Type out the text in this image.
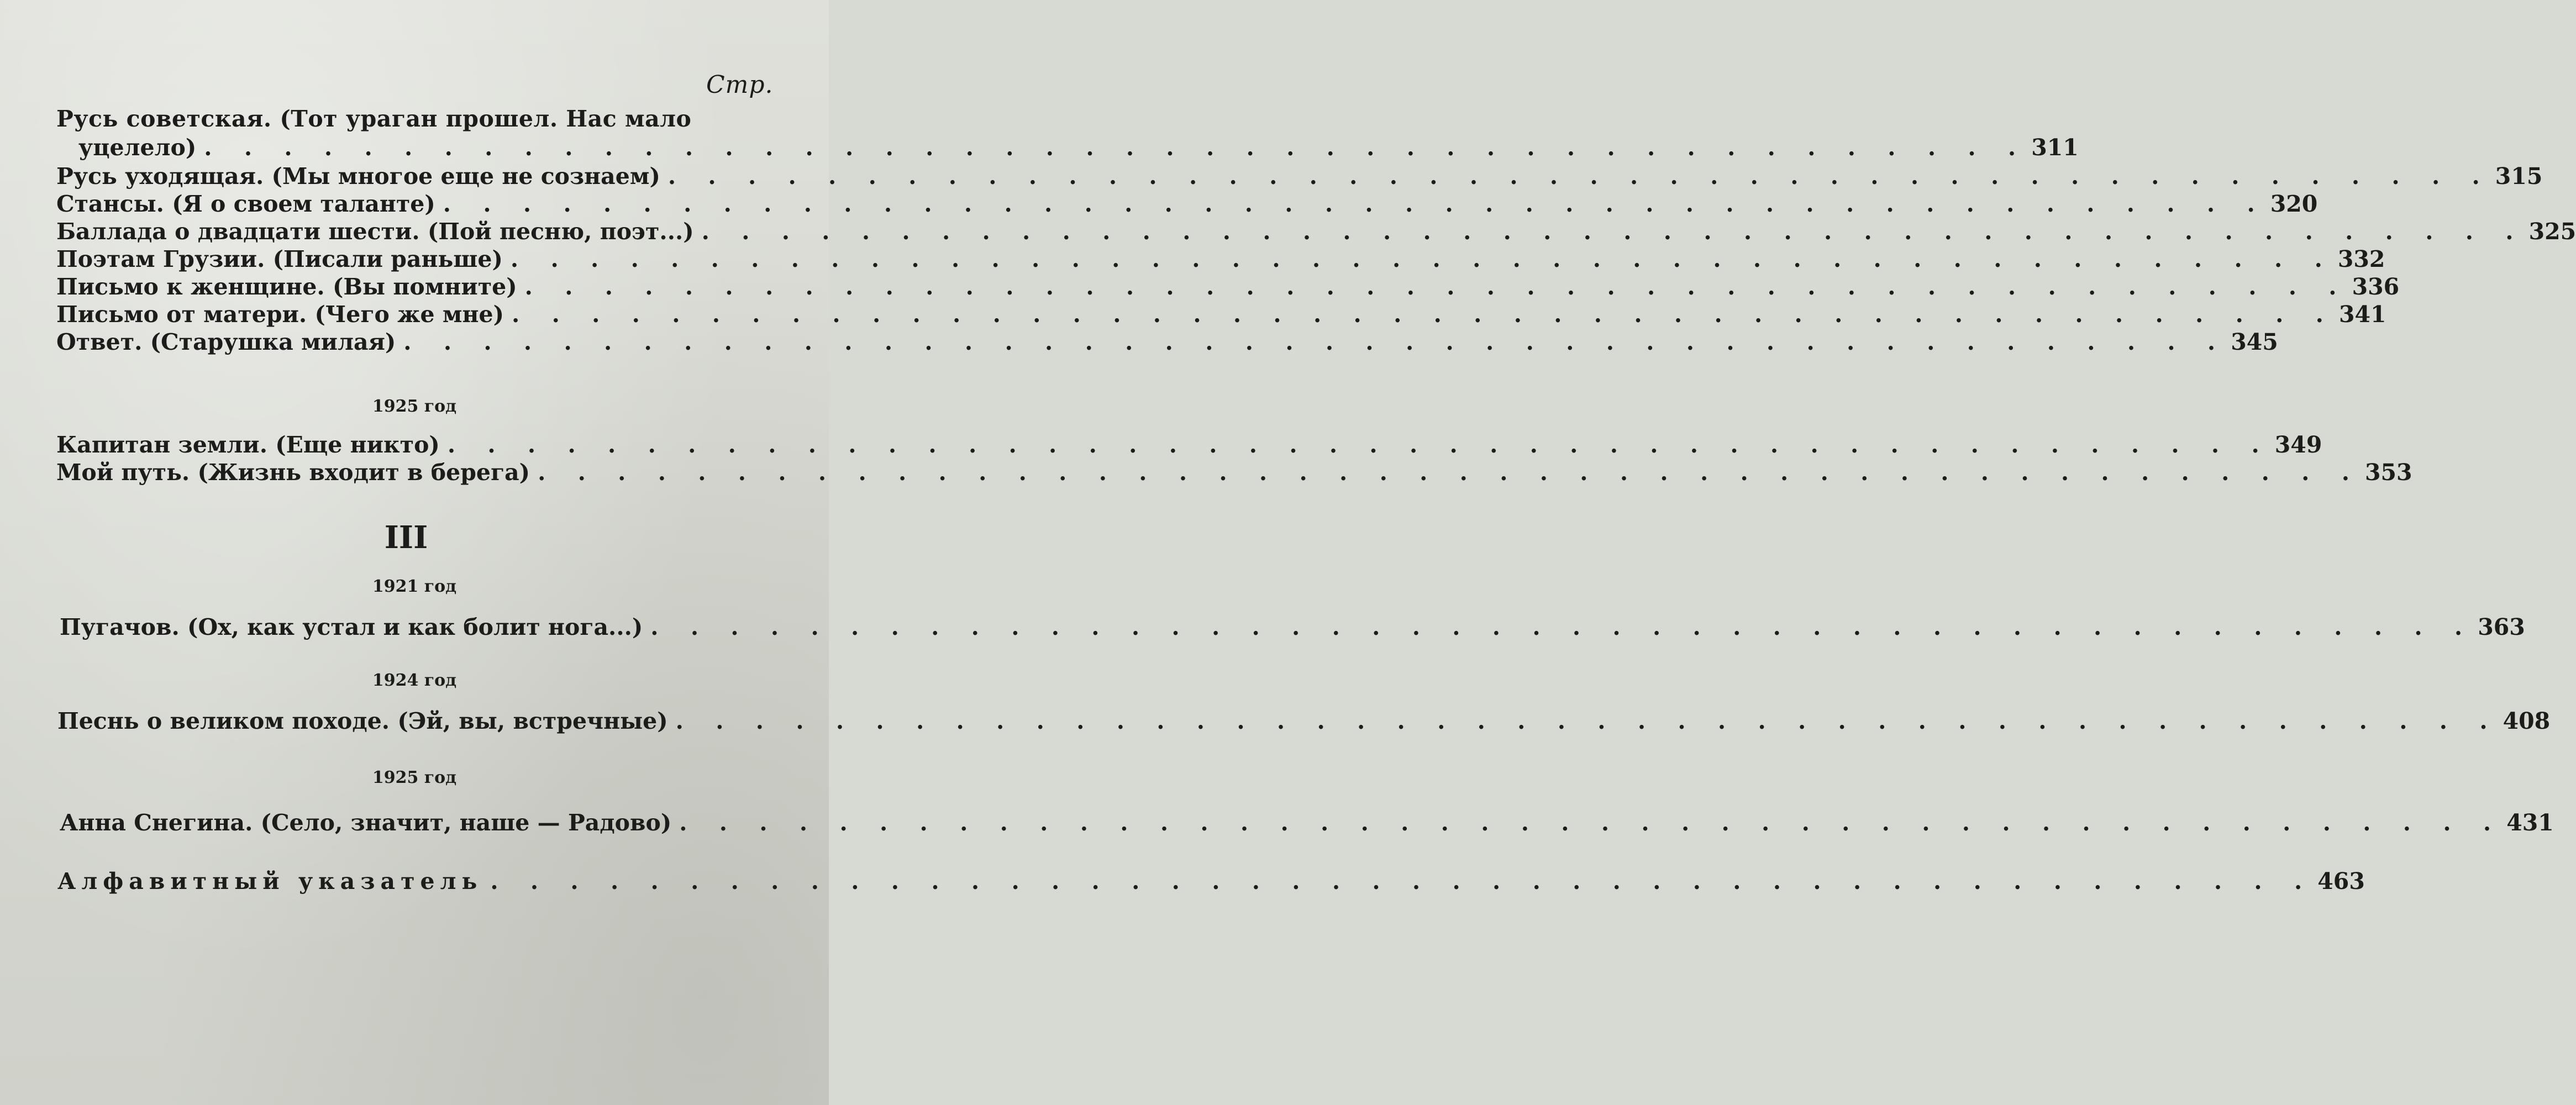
Стр.
Русь советская. (Тот ураган прошел. Нас мало
уцелело) . . .	311
Русь уходящая. (Мы многое еще не сознаем) . . .	315
Стансы. (Я о своем таланте) . . .	320
Баллада о двадцати шести. (Пой песню, поэт...) . . .	325
Поэтам Грузии. (Писали раньше) . . .	332
Письмо к женщине. (Вы помните) . . .	336
Письмо от матери. (Чего же мне) . . .	341
Ответ. (Старушка милая) . . .	345
1925 год
Капитан земли. (Еще никто) . . .	349
Мой путь. (Жизнь входит в берега) . . .	353
III
1921 год
Пугачов. (Ох, как устал и как болит нога...) . . .	363
1924 год
Песнь о великом походе. (Эй, вы, встречные) . . .	408
1925 год
Анна Снегина. (Село, значит, наше — Радово) . . .	431
Алфавитный указатель . . .	463
